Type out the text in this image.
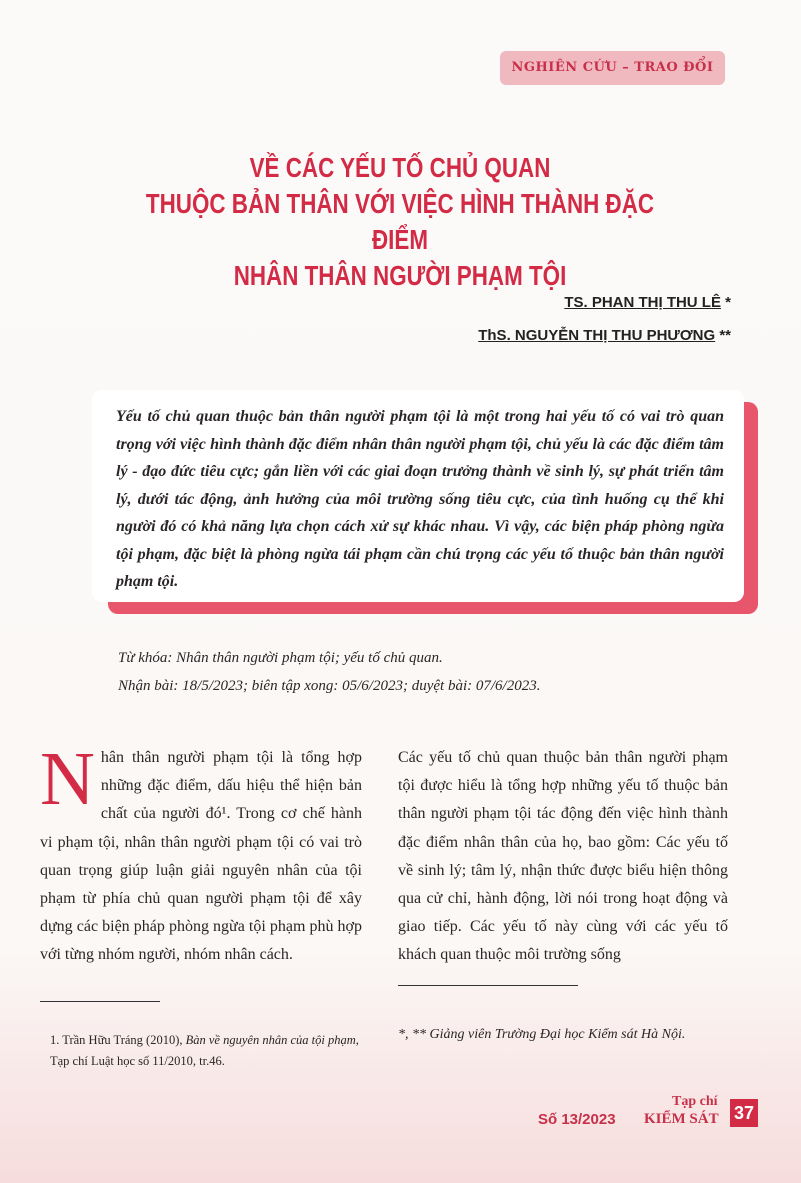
NGHIÊN CỨU – TRAO ĐỔI
VỀ CÁC YẾU TỐ CHỦ QUAN
THUỘC BẢN THÂN VỚI VIỆC HÌNH THÀNH ĐẶC ĐIỂM
NHÂN THÂN NGƯỜI PHẠM TỘI
TS. PHAN THỊ THU LÊ *
ThS. NGUYỄN THỊ THU PHƯƠNG **
Yếu tố chủ quan thuộc bản thân người phạm tội là một trong hai yếu tố có vai trò quan trọng với việc hình thành đặc điểm nhân thân người phạm tội, chủ yếu là các đặc điểm tâm lý - đạo đức tiêu cực; gắn liền với các giai đoạn trưởng thành về sinh lý, sự phát triển tâm lý, dưới tác động, ảnh hưởng của môi trường sống tiêu cực, của tình huống cụ thể khi người đó có khả năng lựa chọn cách xử sự khác nhau. Vì vậy, các biện pháp phòng ngừa tội phạm, đặc biệt là phòng ngừa tái phạm cần chú trọng các yếu tố thuộc bản thân người phạm tội.
Từ khóa: Nhân thân người phạm tội; yếu tố chủ quan.
Nhận bài: 18/5/2023; biên tập xong: 05/6/2023; duyệt bài: 07/6/2023.
Nhân thân người phạm tội là tổng hợp những đặc điểm, dấu hiệu thể hiện bản chất của người đó¹. Trong cơ chế hành vi phạm tội, nhân thân người phạm tội có vai trò quan trọng giúp luận giải nguyên nhân của tội phạm từ phía chủ quan người phạm tội để xây dựng các biện pháp phòng ngừa tội phạm phù hợp với từng nhóm người, nhóm nhân cách.
Các yếu tố chủ quan thuộc bản thân người phạm tội được hiểu là tổng hợp những yếu tố thuộc bản thân người phạm tội tác động đến việc hình thành đặc điểm nhân thân của họ, bao gồm: Các yếu tố về sinh lý; tâm lý, nhận thức được biểu hiện thông qua cử chỉ, hành động, lời nói trong hoạt động và giao tiếp. Các yếu tố này cùng với các yếu tố khách quan thuộc môi trường sống
1. Trần Hữu Tráng (2010), Bàn về nguyên nhân của tội phạm, Tạp chí Luật học số 11/2010, tr.46.
*, ** Giảng viên Trường Đại học Kiểm sát Hà Nội.
Tạp chí
Số 13/2023 KIỂM SÁT 37
